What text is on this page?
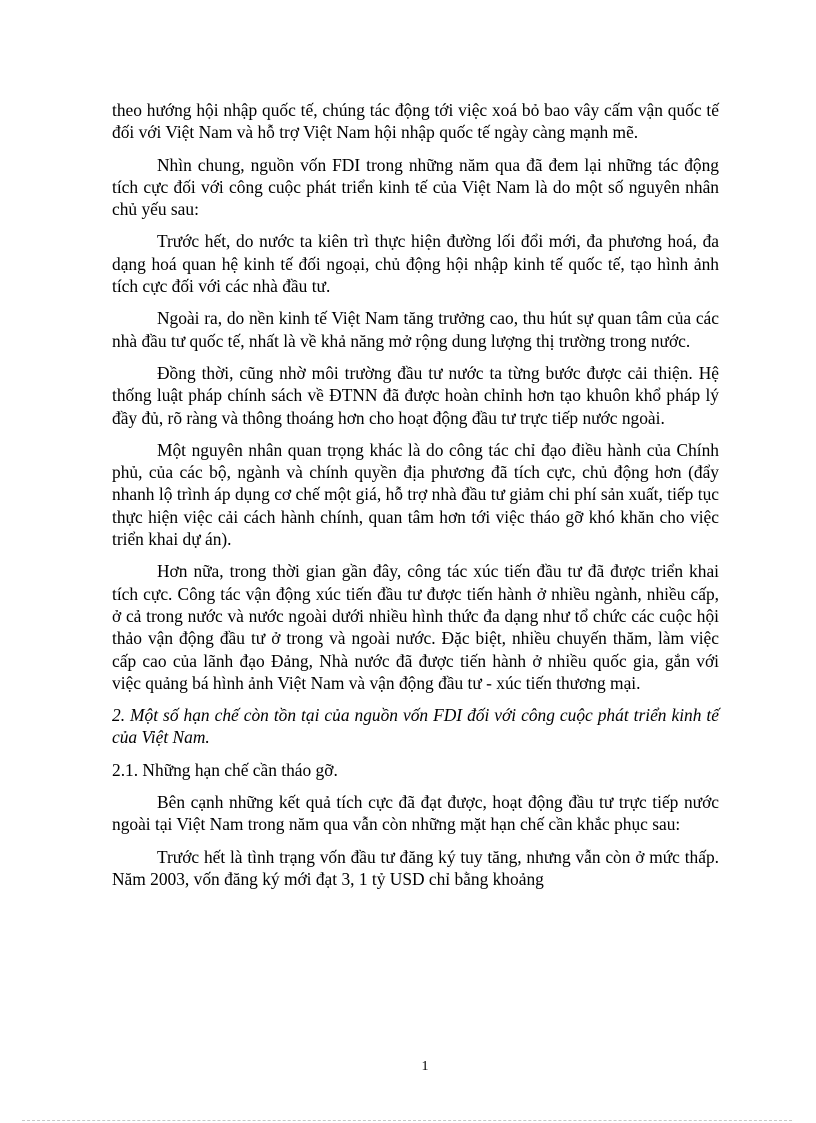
theo hướng hội nhập quốc tế, chúng tác động tới việc xoá bỏ bao vây cấm vận quốc tế đối với Việt Nam và hỗ trợ Việt Nam hội nhập quốc tế ngày càng mạnh mẽ.

Nhìn chung, nguồn vốn FDI trong những năm qua đã đem lại những tác động tích cực đối với công cuộc phát triển kinh tế của Việt Nam là do một số nguyên nhân chủ yếu sau:

Trước hết, do nước ta kiên trì thực hiện đường lối đổi mới, đa phương hoá, đa dạng hoá quan hệ kinh tế đối ngoại, chủ động hội nhập kinh tế quốc tế, tạo hình ảnh tích cực đối với các nhà đầu tư.

Ngoài ra, do nền kinh tế Việt Nam tăng trưởng cao, thu hút sự quan tâm của các nhà đầu tư quốc tế, nhất là về khả năng mở rộng dung lượng thị trường trong nước.

Đồng thời, cũng nhờ môi trường đầu tư nước ta từng bước được cải thiện. Hệ thống luật pháp chính sách về ĐTNN đã được hoàn chỉnh hơn tạo khuôn khổ pháp lý đầy đủ, rõ ràng và thông thoáng hơn cho hoạt động đầu tư trực tiếp nước ngoài.

Một nguyên nhân quan trọng khác là do công tác chỉ đạo điều hành của Chính phủ, của các bộ, ngành và chính quyền địa phương đã tích cực, chủ động hơn (đẩy nhanh lộ trình áp dụng cơ chế một giá, hỗ trợ nhà đầu tư giảm chi phí sản xuất, tiếp tục thực hiện việc cải cách hành chính, quan tâm hơn tới việc tháo gỡ khó khăn cho việc triển khai dự án).

Hơn nữa, trong thời gian gần đây, công tác xúc tiến đầu tư đã được triển khai tích cực. Công tác vận động xúc tiến đầu tư được tiến hành ở nhiều ngành, nhiều cấp, ở cả trong nước và nước ngoài dưới nhiều hình thức đa dạng như tổ chức các cuộc hội thảo vận động đầu tư ở trong và ngoài nước. Đặc biệt, nhiều chuyến thăm, làm việc cấp cao của lãnh đạo Đảng, Nhà nước đã được tiến hành ở nhiều quốc gia, gắn với việc quảng bá hình ảnh Việt Nam và vận động đầu tư - xúc tiến thương mại.

2. Một số hạn chế còn tồn tại của nguồn vốn FDI đối với công cuộc phát triển kinh tế của Việt Nam.

2.1. Những hạn chế cần tháo gỡ.

Bên cạnh những kết quả tích cực đã đạt được, hoạt động đầu tư trực tiếp nước ngoài tại Việt Nam trong năm qua vẫn còn những mặt hạn chế cần khắc phục sau:

Trước hết là tình trạng vốn đầu tư đăng ký tuy tăng, nhưng vẫn còn ở mức thấp. Năm 2003, vốn đăng ký mới đạt 3, 1 tỷ USD chỉ bằng khoảng

1
